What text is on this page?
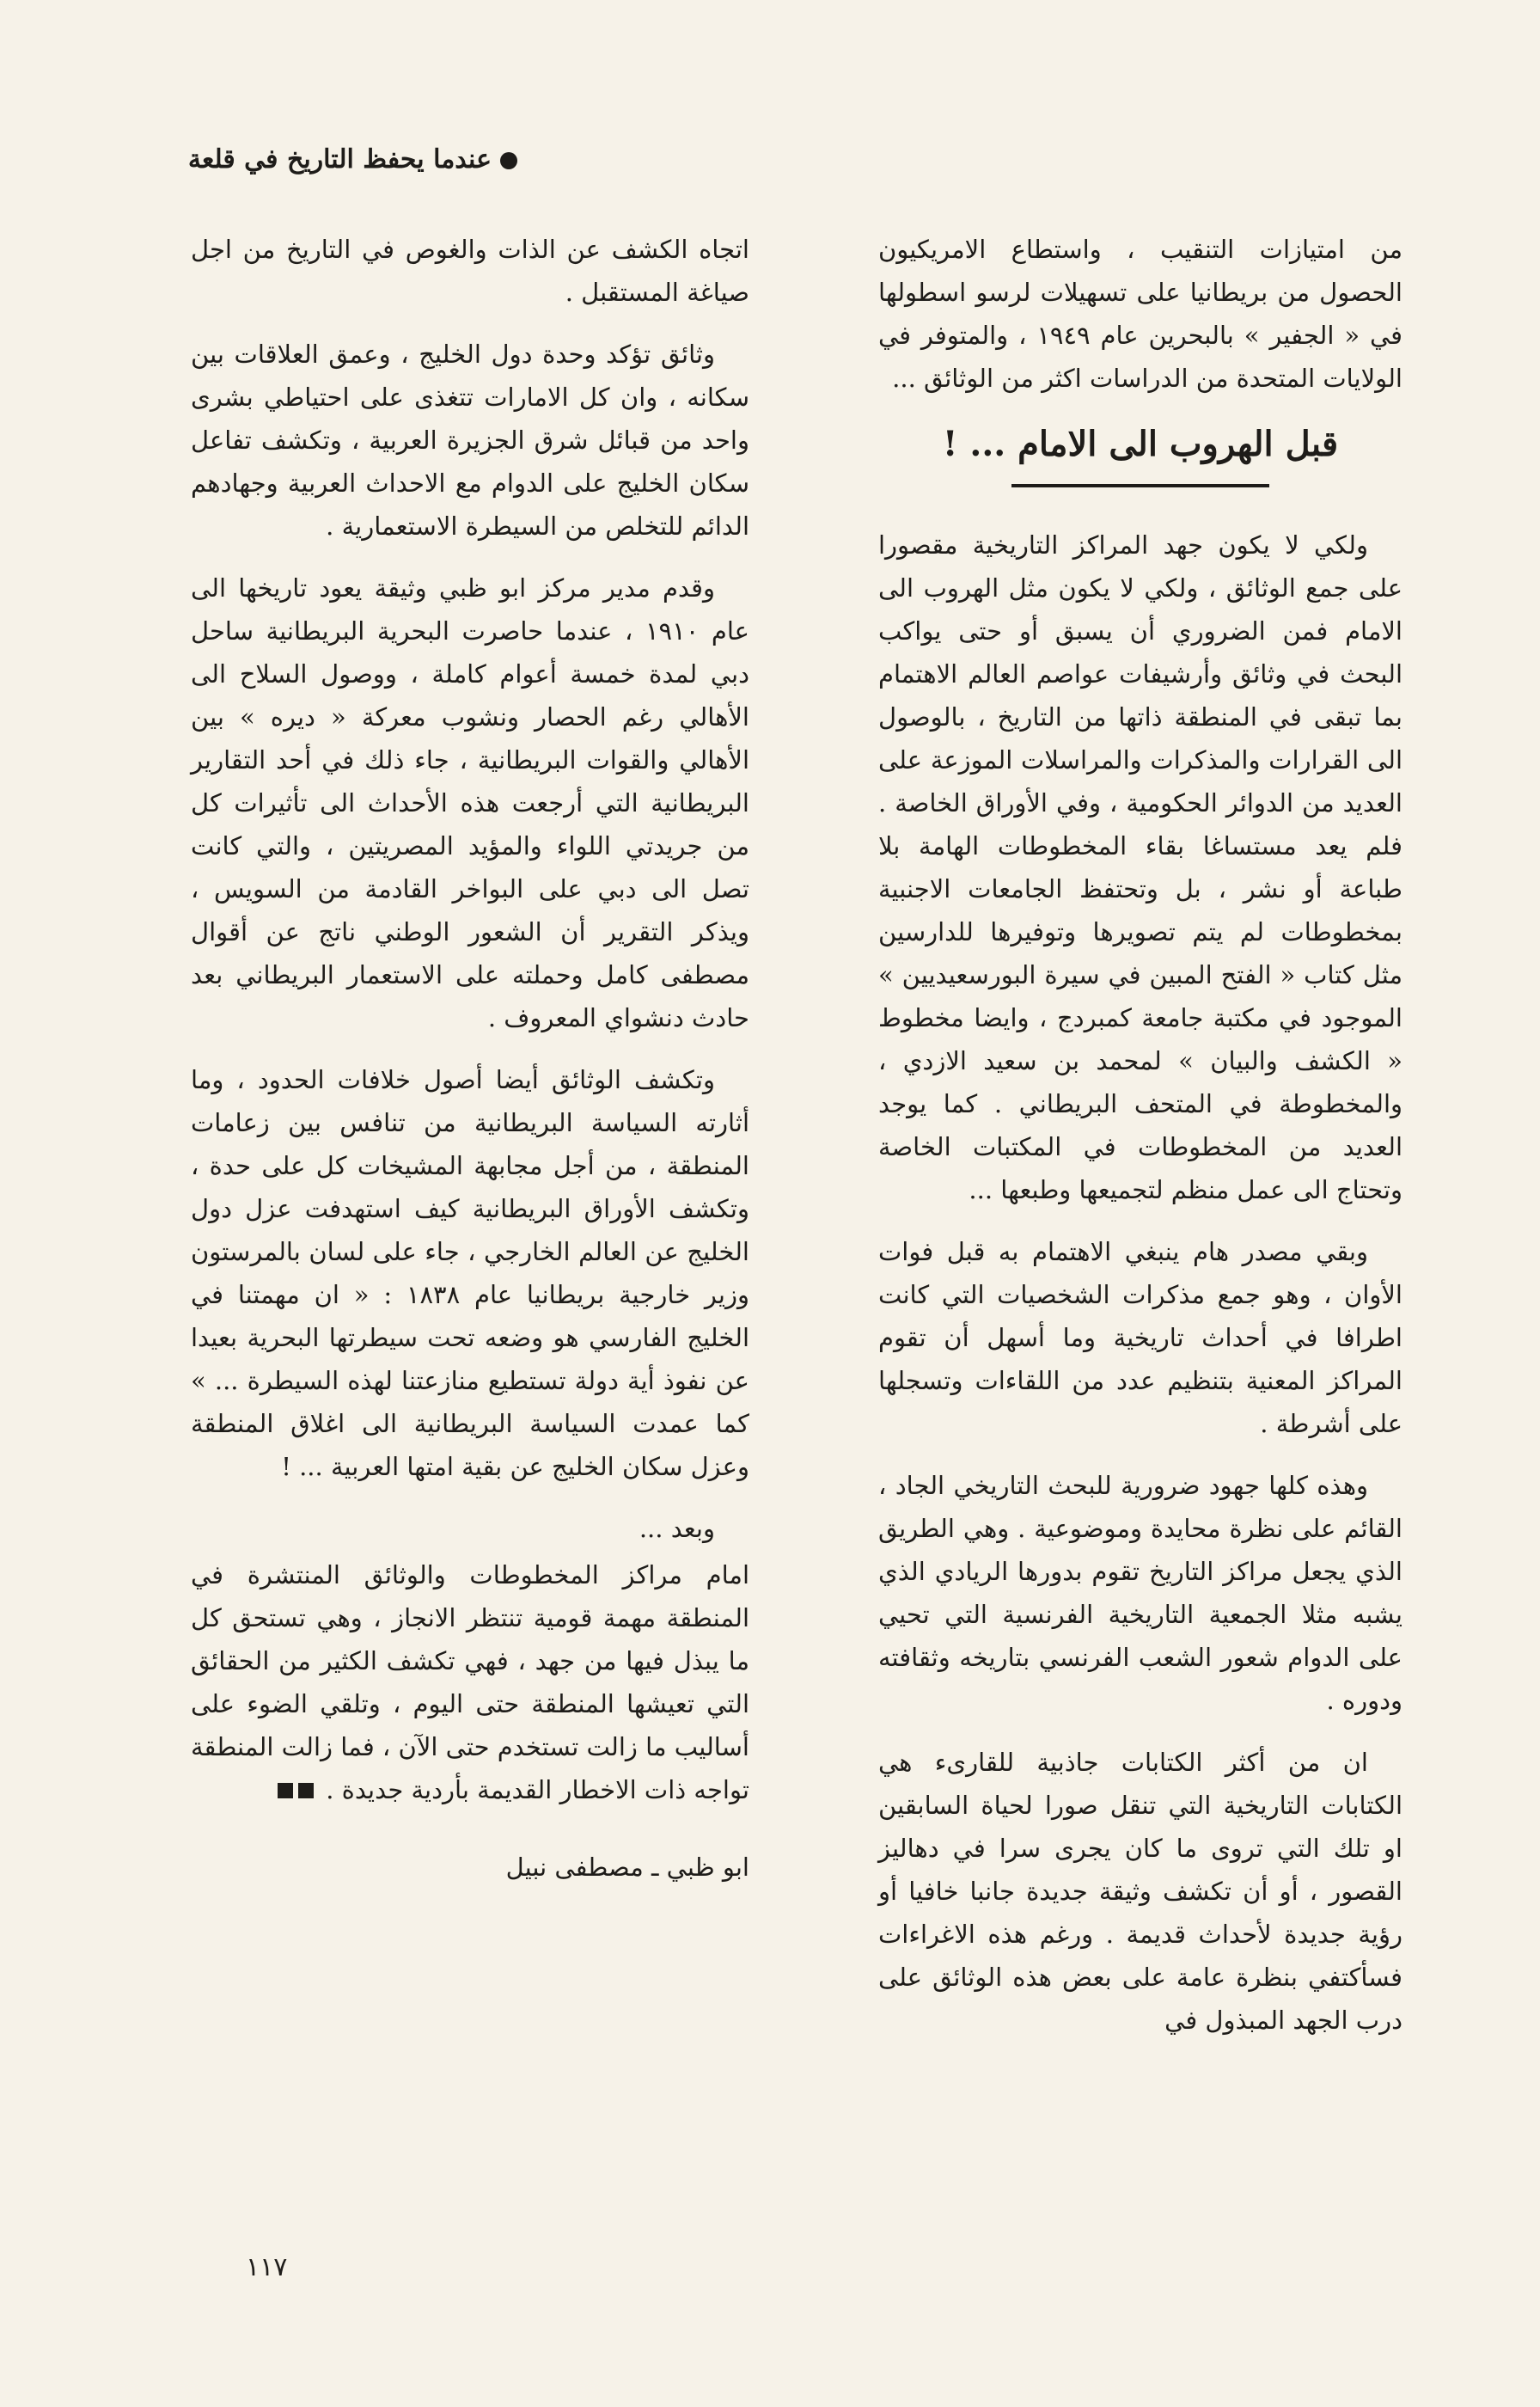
عندما يحفظ التاريخ في قلعة

من امتيازات التنقيب ، واستطاع الامريكيون الحصول من بريطانيا على تسهيلات لرسو اسطولها في « الجفير » بالبحرين عام ١٩٤٩ ، والمتوفر في الولايات المتحدة من الدراسات اكثر من الوثائق ...

قبل الهروب الى الامام ... !

ولكي لا يكون جهد المراكز التاريخية مقصورا على جمع الوثائق ، ولكي لا يكون مثل الهروب الى الامام فمن الضروري أن يسبق أو حتى يواكب البحث في وثائق وأرشيفات عواصم العالم الاهتمام بما تبقى في المنطقة ذاتها من التاريخ ، بالوصول الى القرارات والمذكرات والمراسلات الموزعة على العديد من الدوائر الحكومية ، وفي الأوراق الخاصة . فلم يعد مستساغا بقاء المخطوطات الهامة بلا طباعة أو نشر ، بل وتحتفظ الجامعات الاجنبية بمخطوطات لم يتم تصويرها وتوفيرها للدارسين مثل كتاب « الفتح المبين في سيرة البورسعيديين » الموجود في مكتبة جامعة كمبردج ، وايضا مخطوط « الكشف والبيان » لمحمد بن سعيد الازدي ، والمخطوطة في المتحف البريطاني . كما يوجد العديد من المخطوطات في المكتبات الخاصة وتحتاج الى عمل منظم لتجميعها وطبعها ...

وبقي مصدر هام ينبغي الاهتمام به قبل فوات الأوان ، وهو جمع مذكرات الشخصيات التي كانت اطرافا في أحداث تاريخية وما أسهل أن تقوم المراكز المعنية بتنظيم عدد من اللقاءات وتسجلها على أشرطة .

وهذه كلها جهود ضرورية للبحث التاريخي الجاد ، القائم على نظرة محايدة وموضوعية . وهي الطريق الذي يجعل مراكز التاريخ تقوم بدورها الريادي الذي يشبه مثلا الجمعية التاريخية الفرنسية التي تحيي على الدوام شعور الشعب الفرنسي بتاريخه وثقافته ودوره .

ان من أكثر الكتابات جاذبية للقارىء هي الكتابات التاريخية التي تنقل صورا لحياة السابقين او تلك التي تروى ما كان يجرى سرا في دهاليز القصور ، أو أن تكشف وثيقة جديدة جانبا خافيا أو رؤية جديدة لأحداث قديمة . ورغم هذه الاغراءات فسأكتفي بنظرة عامة على بعض هذه الوثائق على درب الجهد المبذول في

اتجاه الكشف عن الذات والغوص في التاريخ من اجل صياغة المستقبل .

وثائق تؤكد وحدة دول الخليج ، وعمق العلاقات بين سكانه ، وان كل الامارات تتغذى على احتياطي بشرى واحد من قبائل شرق الجزيرة العربية ، وتكشف تفاعل سكان الخليج على الدوام مع الاحداث العربية وجهادهم الدائم للتخلص من السيطرة الاستعمارية .

وقدم مدير مركز ابو ظبي وثيقة يعود تاريخها الى عام ١٩١٠ ، عندما حاصرت البحرية البريطانية ساحل دبي لمدة خمسة أعوام كاملة ، ووصول السلاح الى الأهالي رغم الحصار ونشوب معركة « ديره » بين الأهالي والقوات البريطانية ، جاء ذلك في أحد التقارير البريطانية التي أرجعت هذه الأحداث الى تأثيرات كل من جريدتي اللواء والمؤيد المصريتين ، والتي كانت تصل الى دبي على البواخر القادمة من السويس ، ويذكر التقرير أن الشعور الوطني ناتج عن أقوال مصطفى كامل وحملته على الاستعمار البريطاني بعد حادث دنشواي المعروف .

وتكشف الوثائق أيضا أصول خلافات الحدود ، وما أثارته السياسة البريطانية من تنافس بين زعامات المنطقة ، من أجل مجابهة المشيخات كل على حدة ، وتكشف الأوراق البريطانية كيف استهدفت عزل دول الخليج عن العالم الخارجي ، جاء على لسان بالمرستون وزير خارجية بريطانيا عام ١٨٣٨ : « ان مهمتنا في الخليج الفارسي هو وضعه تحت سيطرتها البحرية بعيدا عن نفوذ أية دولة تستطيع منازعتنا لهذه السيطرة ... » كما عمدت السياسة البريطانية الى اغلاق المنطقة وعزل سكان الخليج عن بقية امتها العربية ... !

وبعد ...

امام مراكز المخطوطات والوثائق المنتشرة في المنطقة مهمة قومية تنتظر الانجاز ، وهي تستحق كل ما يبذل فيها من جهد ، فهي تكشف الكثير من الحقائق التي تعيشها المنطقة حتى اليوم ، وتلقي الضوء على أساليب ما زالت تستخدم حتى الآن ، فما زالت المنطقة تواجه ذات الاخطار القديمة بأردية جديدة .

ابو ظبي ـ مصطفى نبيل
١١٧
